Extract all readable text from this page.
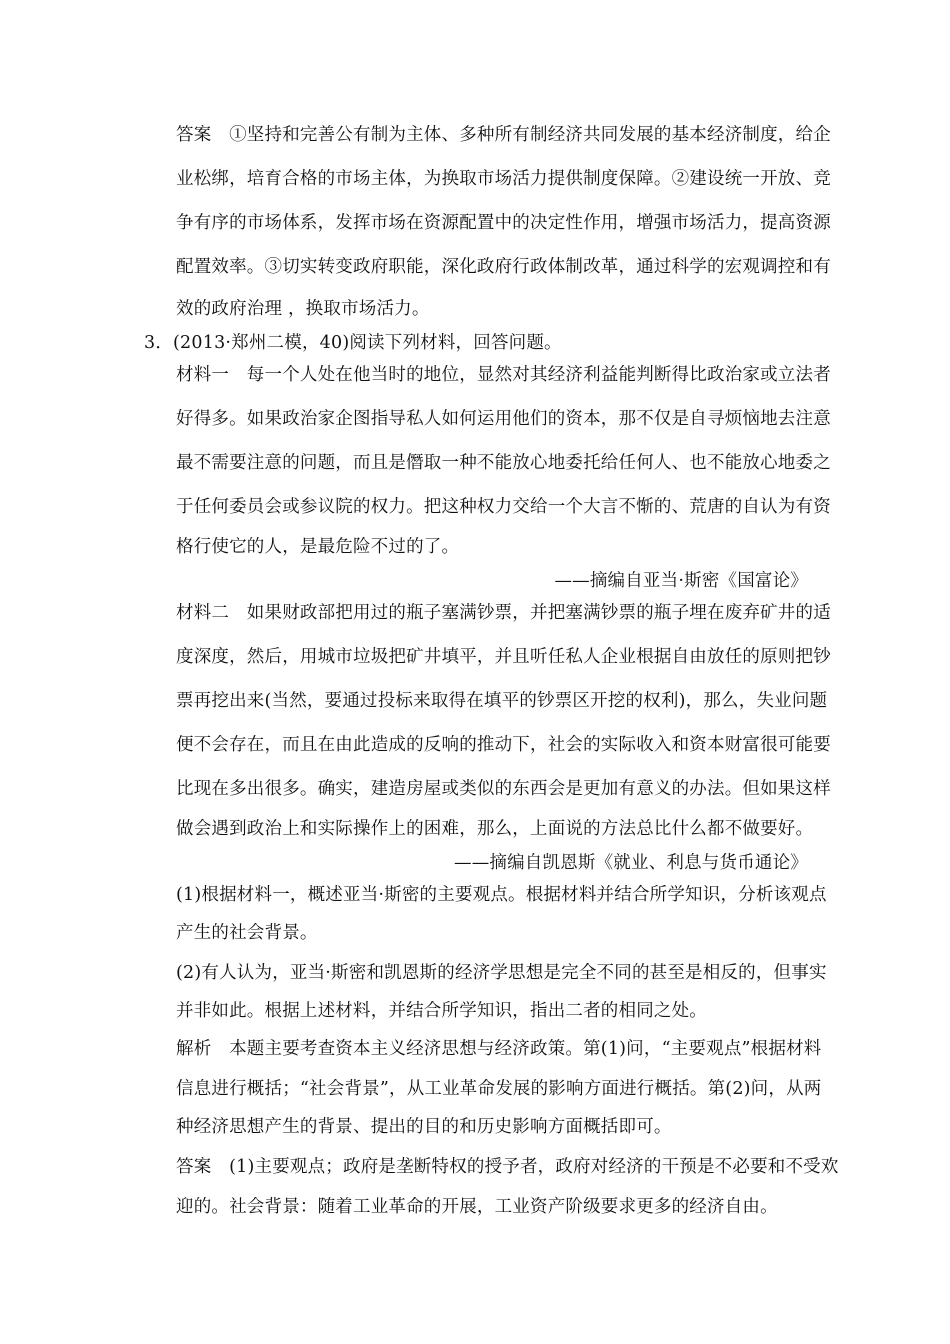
答案　①坚持和完善公有制为主体、多种所有制经济共同发展的基本经济制度，给企
业松绑，培育合格的市场主体，为换取市场活力提供制度保障。②建设统一开放、竞
争有序的市场体系，发挥市场在资源配置中的决定性作用，增强市场活力，提高资源
配置效率。③切实转变政府职能，深化政府行政体制改革，通过科学的宏观调控和有
效的政府治理 ，换取市场活力。
3．(2013·郑州二模，40)阅读下列材料，回答问题。
材料一　每一个人处在他当时的地位，显然对其经济利益能判断得比政治家或立法者
好得多。如果政治家企图指导私人如何运用他们的资本，那不仅是自寻烦恼地去注意
最不需要注意的问题，而且是僭取一种不能放心地委托给任何人、也不能放心地委之
于任何委员会或参议院的权力。把这种权力交给一个大言不惭的、荒唐的自认为有资
格行使它的人，是最危险不过的了。
——摘编自亚当·斯密《国富论》
材料二　如果财政部把用过的瓶子塞满钞票，并把塞满钞票的瓶子埋在废弃矿井的适
度深度，然后，用城市垃圾把矿井填平，并且听任私人企业根据自由放任的原则把钞
票再挖出来(当然，要通过投标来取得在填平的钞票区开挖的权利)，那么，失业问题
便不会存在，而且在由此造成的反响的推动下，社会的实际收入和资本财富很可能要
比现在多出很多。确实，建造房屋或类似的东西会是更加有意义的办法。但如果这样
做会遇到政治上和实际操作上的困难，那么，上面说的方法总比什么都不做要好。
——摘编自凯恩斯《就业、利息与货币通论》
(1)根据材料一，概述亚当·斯密的主要观点。根据材料并结合所学知识，分析该观点
产生的社会背景。
(2)有人认为，亚当·斯密和凯恩斯的经济学思想是完全不同的甚至是相反的，但事实
并非如此。根据上述材料，并结合所学知识，指出二者的相同之处。
解析　本题主要考查资本主义经济思想与经济政策。第(1)问，“主要观点”根据材料
信息进行概括；“社会背景”，从工业革命发展的影响方面进行概括。第(2)问，从两
种经济思想产生的背景、提出的目的和历史影响方面概括即可。
答案　(1)主要观点；政府是垄断特权的授予者，政府对经济的干预是不必要和不受欢
迎的。社会背景：随着工业革命的开展，工业资产阶级要求更多的经济自由。
